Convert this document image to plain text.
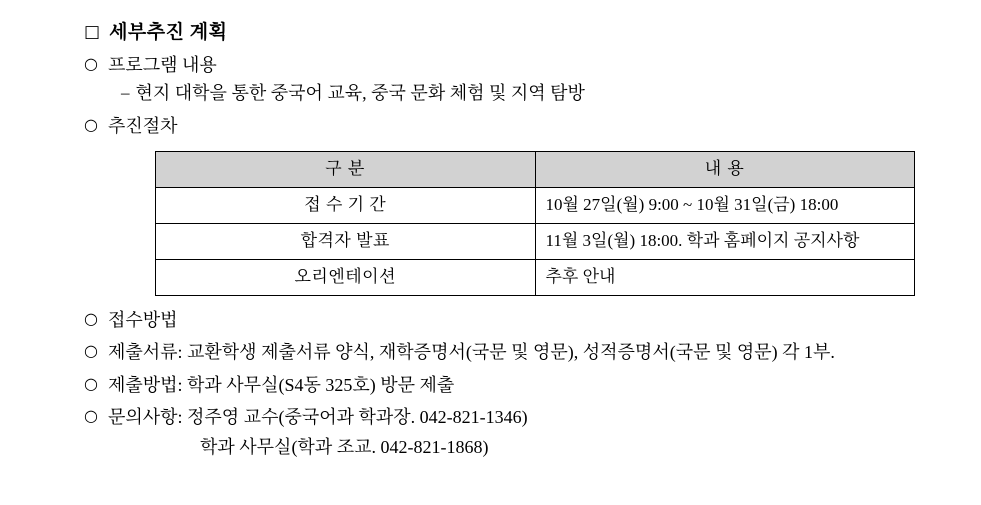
□ 세부추진 계획
○ 프로그램 내용
– 현지 대학을 통한 중국어 교육, 중국 문화 체험 및 지역 탐방
○ 추진절차
구 분	내 용
접 수 기 간	10월 27일(월) 9:00 ~ 10월 31일(금) 18:00
합격자 발표	11월 3일(월) 18:00. 학과 홈페이지 공지사항
오리엔테이션	추후 안내
○ 접수방법
○ 제출서류: 교환학생 제출서류 양식, 재학증명서(국문 및 영문), 성적증명서(국문 및 영문) 각 1부.
○ 제출방법: 학과 사무실(S4동 325호) 방문 제출
○ 문의사항: 정주영 교수(중국어과 학과장. 042-821-1346)
학과 사무실(학과 조교. 042-821-1868)
